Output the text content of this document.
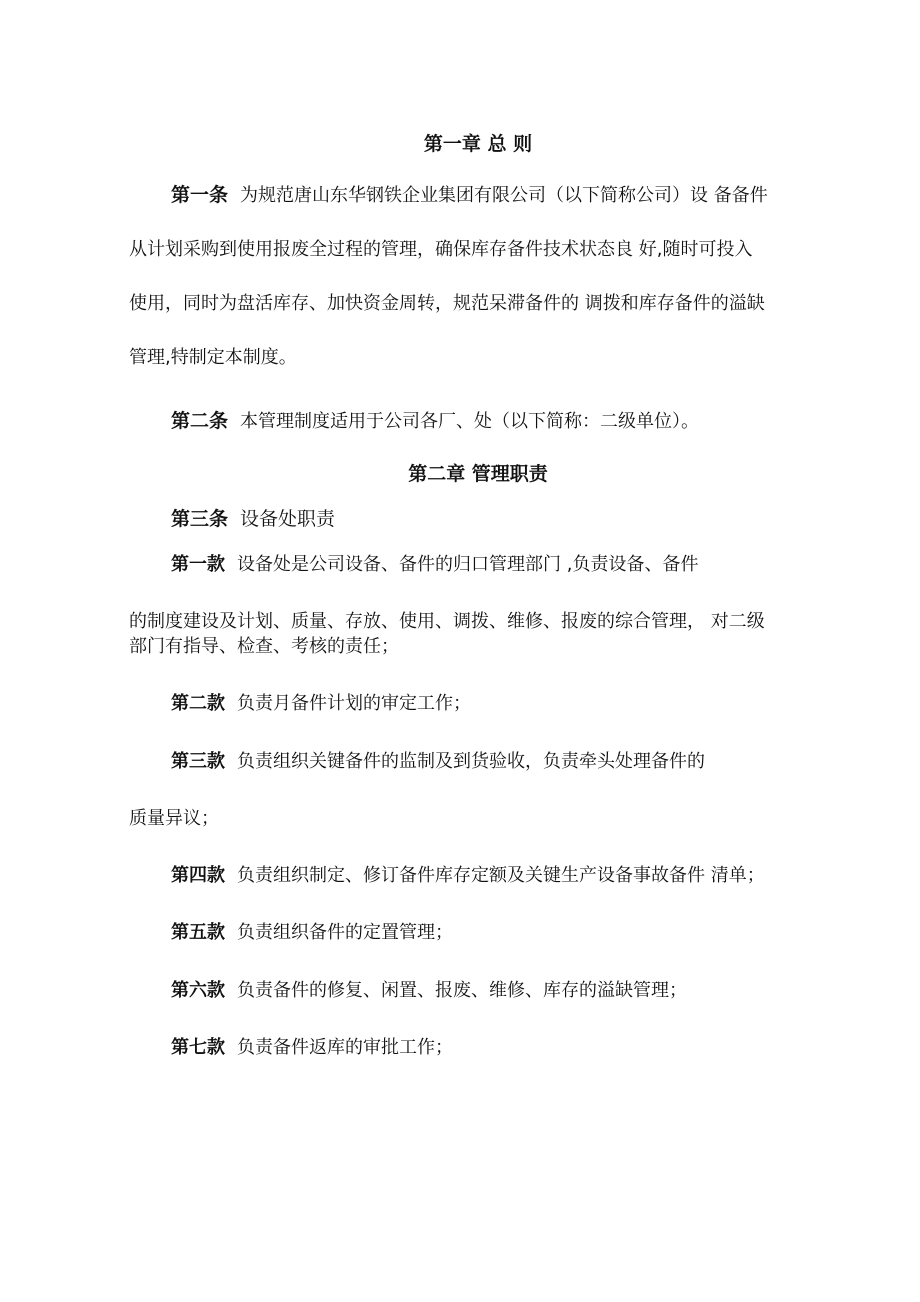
第一章 总 则

第一条 为规范唐山东华钢铁企业集团有限公司（以下简称公司）设 备备件

从计划采购到使用报废全过程的管理，确保库存备件技术状态良 好,随时可投入

使用，同时为盘活库存、加快资金周转，规范呆滞备件的 调拨和库存备件的溢缺

管理,特制定本制度。

第二条 本管理制度适用于公司各厂、处（以下简称：二级单位）。

第二章 管理职责

第三条 设备处职责

第一款 设备处是公司设备、备件的归口管理部门 ,负责设备、备件

的制度建设及计划、质量、存放、使用、调拨、维修、报废的综合管理， 对二级

部门有指导、检查、考核的责任；

第二款 负责月备件计划的审定工作；

第三款 负责组织关键备件的监制及到货验收，负责牵头处理备件的

质量异议；

第四款 负责组织制定、修订备件库存定额及关键生产设备事故备件 清单；

第五款 负责组织备件的定置管理；

第六款 负责备件的修复、闲置、报废、维修、库存的溢缺管理；

第七款 负责备件返库的审批工作；
